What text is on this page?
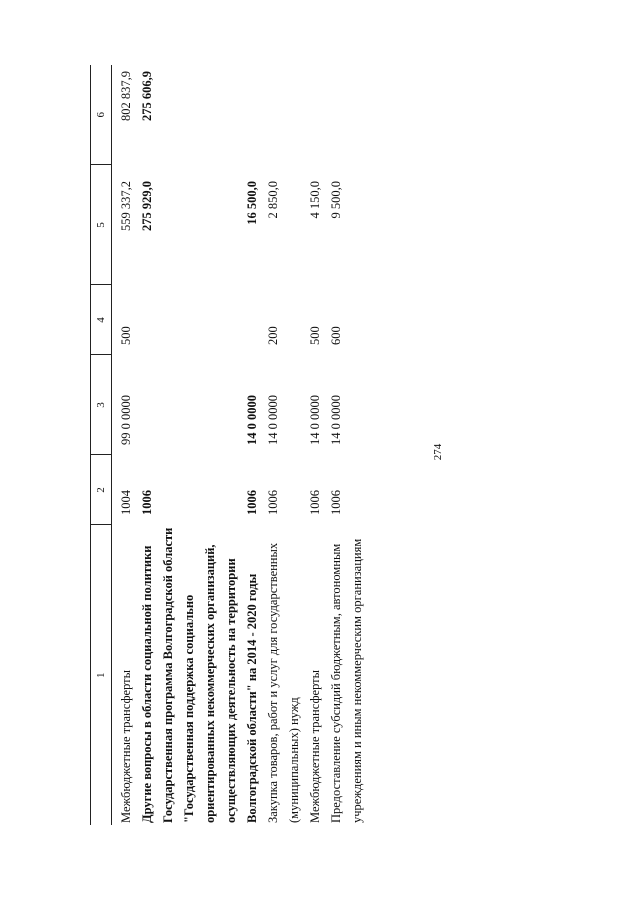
274
1	2	3	4	5	6
Межбюджетные трансферты	1004	99 0 0000	500	559 337,2	802 837,9
Другие вопросы в области социальной политики	1006			275 929,0	275 606,9
Государственная программа Волгоградской области "Государственная поддержка социально ориентированных некоммерческих организаций, осуществляющих деятельность на территории Волгоградской области" на 2014 - 2020 годы	1006	14 0 0000		16 500,0	
Закупка товаров, работ и услуг для государственных (муниципальных) нужд	1006	14 0 0000	200	2 850,0	
Межбюджетные трансферты	1006	14 0 0000	500	4 150,0	
Предоставление субсидий бюджетным, автономным учреждениям и иным некоммерческим организациям	1006	14 0 0000	600	9 500,0	
